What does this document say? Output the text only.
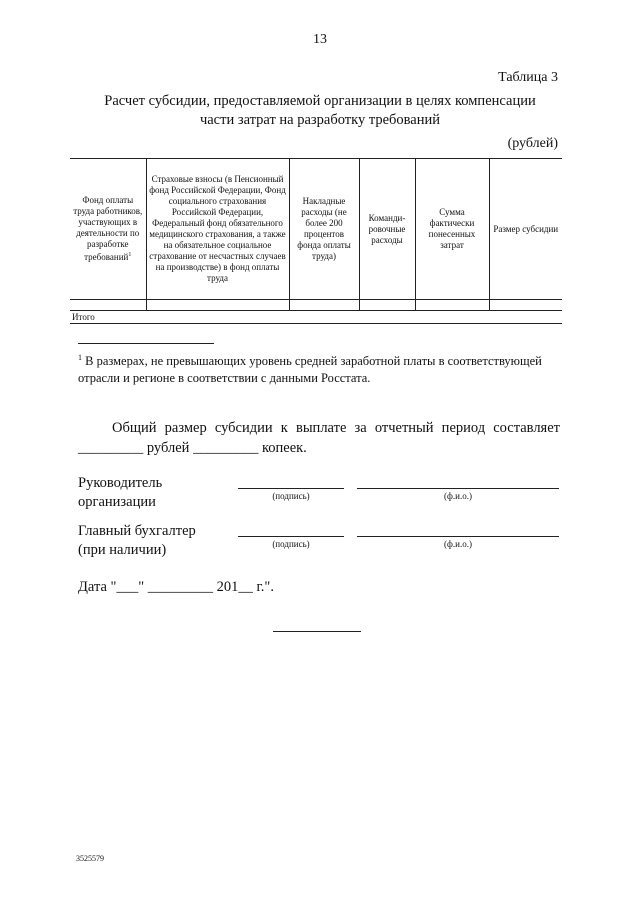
13
Таблица 3
Расчет субсидии, предоставляемой организации в целях компенсации
части затрат на разработку требований
(рублей)
Фонд оплаты труда работников, участвующих в деятельности по разработке требований$^1$	Страховые взносы (в Пенсионный фонд Российской Федерации, Фонд социального страхования Российской Федерации, Федеральный фонд обязательного медицинского страхования, а также на обязательное социальное страхование от несчастных случаев на производстве) в фонд оплаты труда	Накладные расходы (не более 200 процентов фонда оплаты труда)	Команди-ровочные расходы	Сумма фактически понесенных затрат	Размер субсидии

Итого					
$^1$ В размерах, не превышающих уровень средней заработной платы в соответствующей отрасли и регионе в соответствии с данными Росстата.
Общий размер субсидии к выплате за отчетный период составляет
_________ рублей _________ копеек.
Руководитель
организации	(подпись)	(ф.и.о.)
Главный бухгалтер
(при наличии)	(подпись)	(ф.и.о.)
Дата "___" _________ 201__ г.".
3525579
